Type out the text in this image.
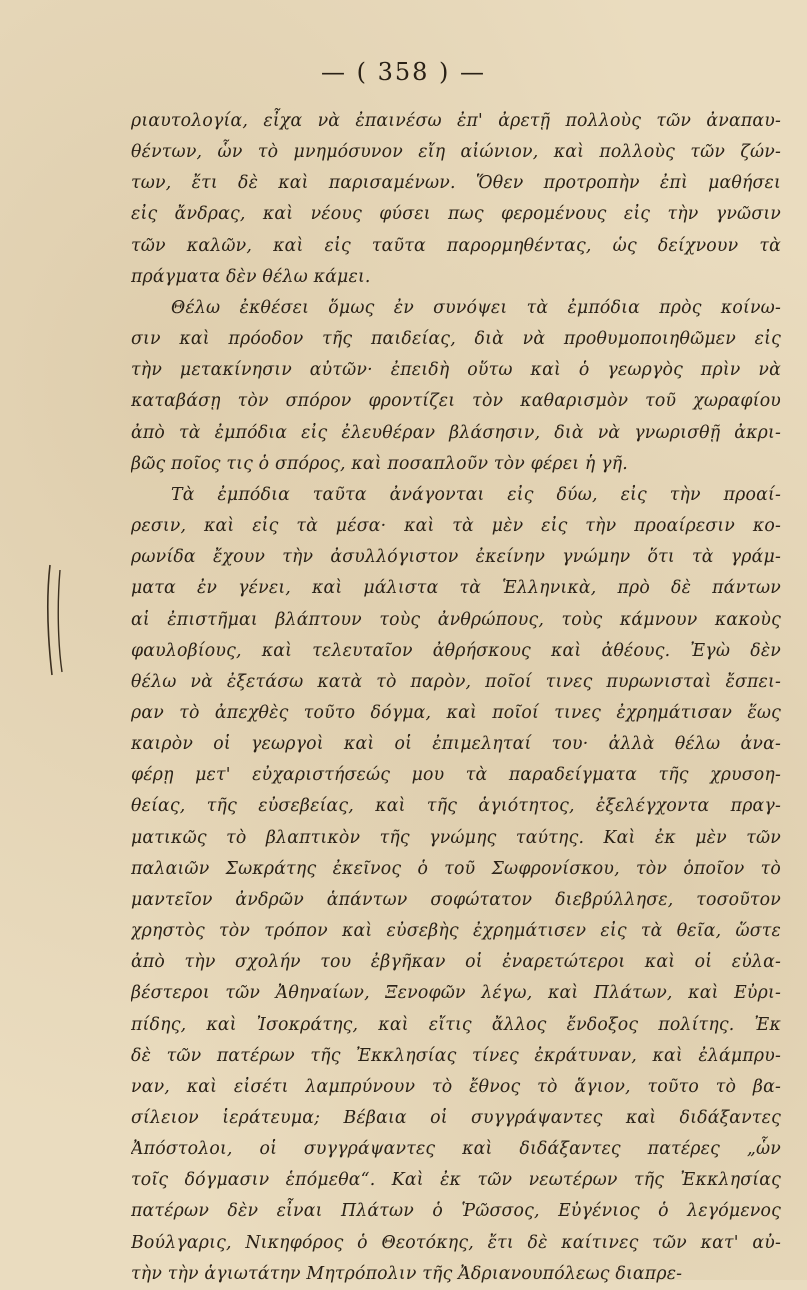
— ( 358 ) —
ριαυτολογία, εἶχα νὰ ἐπαινέσω ἐπ' ἀρετῇ πολλοὺς τῶν ἀναπαυ-
θέντων, ὧν τὸ μνημόσυνον εἴη αἰώνιον, καὶ πολλοὺς τῶν ζών-
των, ἔτι δὲ καὶ παρισαμένων. Ὅθεν προτροπὴν ἐπὶ μαθήσει
εἰς ἄνδρας, καὶ νέους φύσει πως φερομένους εἰς τὴν γνῶσιν
τῶν καλῶν, καὶ εἰς ταῦτα παρορμηθέντας, ὡς δείχνουν τὰ
πράγματα δὲν θέλω κάμει.
Θέλω ἐκθέσει ὅμως ἐν συνόψει τὰ ἐμπόδια πρὸς κοίνω-
σιν καὶ πρόοδον τῆς παιδείας, διὰ νὰ προθυμοποιηθῶμεν εἰς
τὴν μετακίνησιν αὐτῶν· ἐπειδὴ οὕτω καὶ ὁ γεωργὸς πρὶν νὰ
καταβάσῃ τὸν σπόρον φροντίζει τὸν καθαρισμὸν τοῦ χωραφίου
ἀπὸ τὰ ἐμπόδια εἰς ἐλευθέραν βλάσησιν, διὰ νὰ γνωρισθῇ ἀκρι-
βῶς ποῖος τις ὁ σπόρος, καὶ ποσαπλοῦν τὸν φέρει ἡ γῆ.
Τὰ ἐμπόδια ταῦτα ἀνάγονται εἰς δύω, εἰς τὴν προαί-
ρεσιν, καὶ εἰς τὰ μέσα· καὶ τὰ μὲν εἰς τὴν προαίρεσιν κο-
ρωνίδα ἔχουν τὴν ἀσυλλόγιστον ἐκείνην γνώμην ὅτι τὰ γράμ-
ματα ἐν γένει, καὶ μάλιστα τὰ Ἑλληνικὰ, πρὸ δὲ πάντων
αἱ ἐπιστῆμαι βλάπτουν τοὺς ἀνθρώπους, τοὺς κάμνουν κακοὺς
φαυλοβίους, καὶ τελευταῖον ἀθρήσκους καὶ ἀθέους. Ἐγὼ δὲν
θέλω νὰ ἐξετάσω κατὰ τὸ παρὸν, ποῖοί τινες πυρωνισταὶ ἔσπει-
ραν τὸ ἀπεχθὲς τοῦτο δόγμα, καὶ ποῖοί τινες ἐχρημάτισαν ἕως
καιρὸν οἱ γεωργοὶ καὶ οἱ ἐπιμεληταί του· ἀλλὰ θέλω ἀνα-
φέρῃ μετ' εὐχαριστήσεώς μου τὰ παραδείγματα τῆς χρυσοη-
θείας, τῆς εὐσεβείας, καὶ τῆς ἁγιότητος, ἐξελέγχοντα πραγ-
ματικῶς τὸ βλαπτικὸν τῆς γνώμης ταύτης. Καὶ ἐκ μὲν τῶν
παλαιῶν Σωκράτης ἐκεῖνος ὁ τοῦ Σωφρονίσκου, τὸν ὁποῖον τὸ
μαντεῖον ἀνδρῶν ἁπάντων σοφώτατον διεβρύλλησε, τοσοῦτον
χρηστὸς τὸν τρόπον καὶ εὐσεβὴς ἐχρημάτισεν εἰς τὰ θεῖα, ὥστε
ἀπὸ τὴν σχολήν του ἐβγῆκαν οἱ ἐναρετώτεροι καὶ οἱ εὐλα-
βέστεροι τῶν Ἀθηναίων, Ξενοφῶν λέγω, καὶ Πλάτων, καὶ Εὐρι-
πίδης, καὶ Ἰσοκράτης, καὶ εἴτις ἄλλος ἔνδοξος πολίτης. Ἐκ
δὲ τῶν πατέρων τῆς Ἐκκλησίας τίνες ἐκράτυναν, καὶ ἐλάμπρυ-
ναν, καὶ εἰσέτι λαμπρύνουν τὸ ἔθνος τὸ ἅγιον, τοῦτο τὸ βα-
σίλειον ἱεράτευμα; Βέβαια οἱ συγγράψαντες καὶ διδάξαντες
Ἀπόστολοι, οἱ συγγράψαντες καὶ διδάξαντες πατέρες „ὧν
τοῖς δόγμασιν ἑπόμεθα“. Καὶ ἐκ τῶν νεωτέρων τῆς Ἐκκλησίας
πατέρων δὲν εἶναι Πλάτων ὁ Ῥῶσσος, Εὐγένιος ὁ λεγόμενος
Βούλγαρις, Νικηφόρος ὁ Θεοτόκης, ἔτι δὲ καίτινες τῶν κατ' αὐ-
τὴν τὴν ἁγιωτάτην Μητρόπολιν τῆς Ἀδριανουπόλεως διαπρε-
